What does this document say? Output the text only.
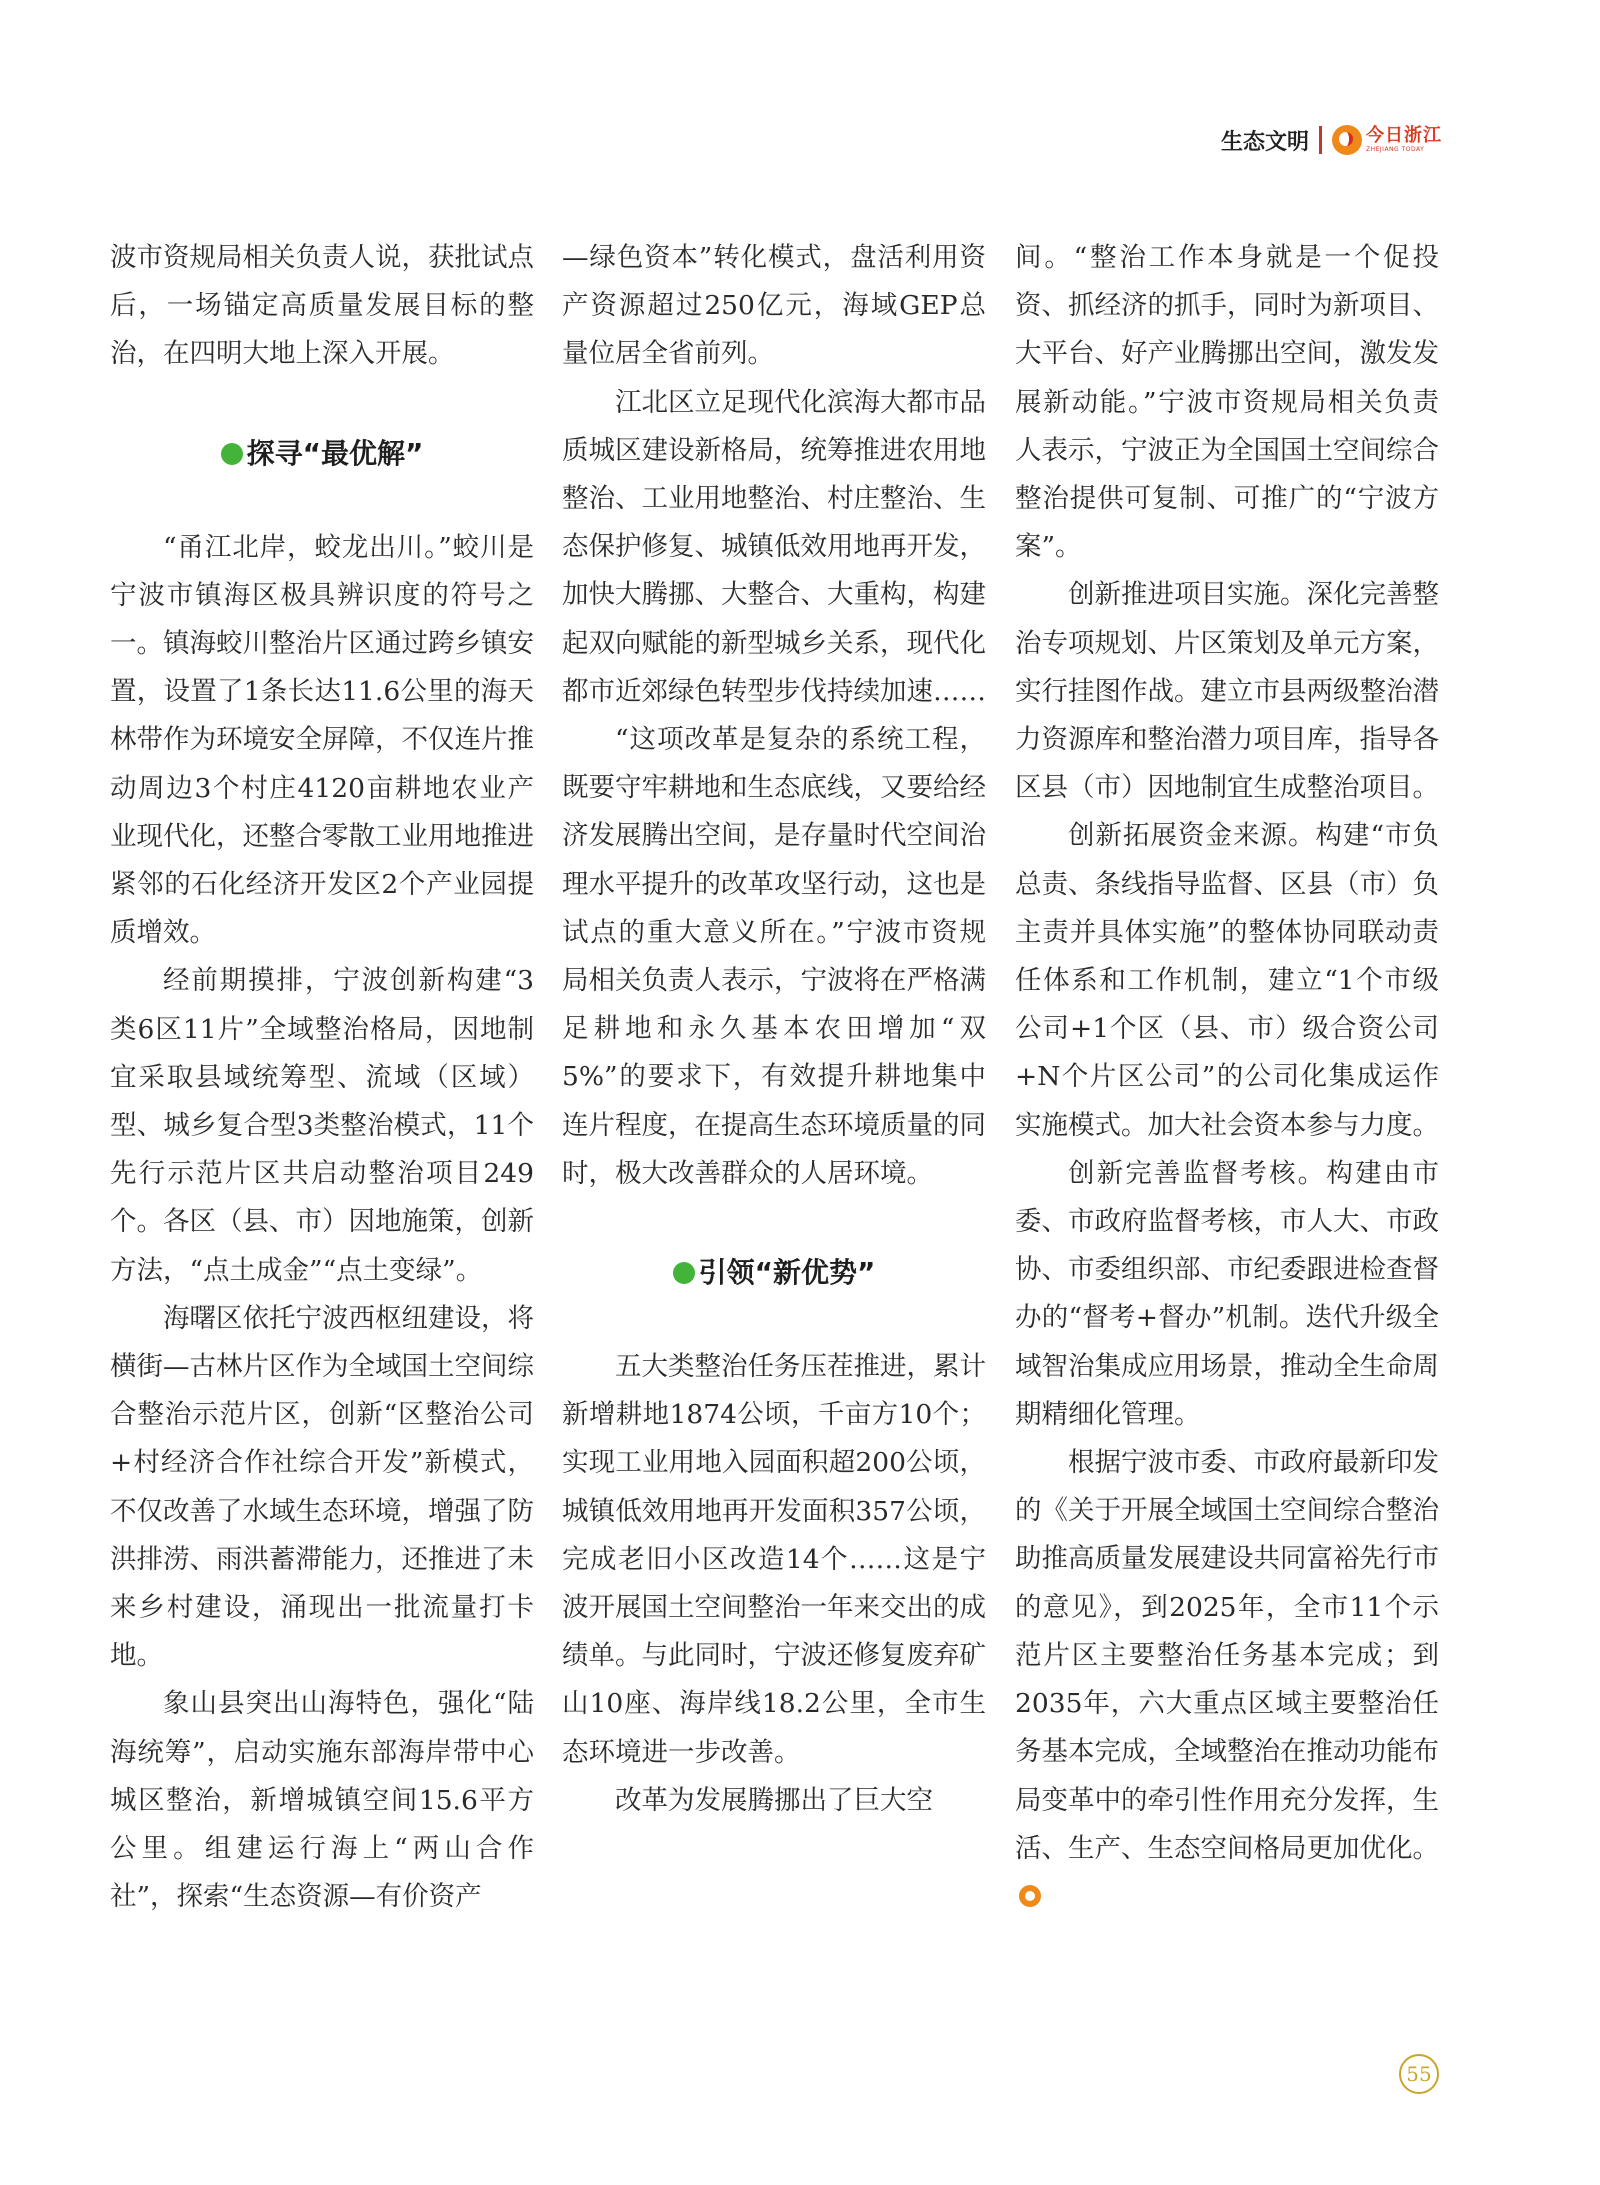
生态文明	今日浙江
ZHEJIANG TODAY

波市资规局相关负责人说，获批试点后，一场锚定高质量发展目标的整治，在四明大地上深入开展。

探寻“最优解”

“甬江北岸，蛟龙出川。”蛟川是宁波市镇海区极具辨识度的符号之一。镇海蛟川整治片区通过跨乡镇安置，设置了1条长达11.6公里的海天林带作为环境安全屏障，不仅连片推动周边3个村庄4120亩耕地农业产业现代化，还整合零散工业用地推进紧邻的石化经济开发区2个产业园提质增效。

经前期摸排，宁波创新构建“3类6区11片”全域整治格局，因地制宜采取县域统筹型、流域（区域）型、城乡复合型3类整治模式，11个先行示范片区共启动整治项目249个。各区（县、市）因地施策，创新方法，“点土成金”“点土变绿”。

海曙区依托宁波西枢纽建设，将横街—古林片区作为全域国土空间综合整治示范片区，创新“区整治公司+村经济合作社综合开发”新模式，不仅改善了水域生态环境，增强了防洪排涝、雨洪蓄滞能力，还推进了未来乡村建设，涌现出一批流量打卡地。

象山县突出山海特色，强化“陆海统筹”，启动实施东部海岸带中心城区整治，新增城镇空间15.6平方公里。组建运行海上“两山合作社”，探索“生态资源—有价资产

—绿色资本”转化模式，盘活利用资产资源超过250亿元，海域GEP总量位居全省前列。

江北区立足现代化滨海大都市品质城区建设新格局，统筹推进农用地整治、工业用地整治、村庄整治、生态保护修复、城镇低效用地再开发，加快大腾挪、大整合、大重构，构建起双向赋能的新型城乡关系，现代化都市近郊绿色转型步伐持续加速……

“这项改革是复杂的系统工程，既要守牢耕地和生态底线，又要给经济发展腾出空间，是存量时代空间治理水平提升的改革攻坚行动，这也是试点的重大意义所在。”宁波市资规局相关负责人表示，宁波将在严格满足耕地和永久基本农田增加“双5%”的要求下，有效提升耕地集中连片程度，在提高生态环境质量的同时，极大改善群众的人居环境。

引领“新优势”

五大类整治任务压茬推进，累计新增耕地1874公顷，千亩方10个；实现工业用地入园面积超200公顷，城镇低效用地再开发面积357公顷，完成老旧小区改造14个……这是宁波开展国土空间整治一年来交出的成绩单。与此同时，宁波还修复废弃矿山10座、海岸线18.2公里，全市生态环境进一步改善。

改革为发展腾挪出了巨大空

间。“整治工作本身就是一个促投资、抓经济的抓手，同时为新项目、大平台、好产业腾挪出空间，激发发展新动能。”宁波市资规局相关负责人表示，宁波正为全国国土空间综合整治提供可复制、可推广的“宁波方案”。

创新推进项目实施。深化完善整治专项规划、片区策划及单元方案，实行挂图作战。建立市县两级整治潜力资源库和整治潜力项目库，指导各区县（市）因地制宜生成整治项目。

创新拓展资金来源。构建“市负总责、条线指导监督、区县（市）负主责并具体实施”的整体协同联动责任体系和工作机制，建立“1个市级公司+1个区（县、市）级合资公司+N个片区公司”的公司化集成运作实施模式。加大社会资本参与力度。

创新完善监督考核。构建由市委、市政府监督考核，市人大、市政协、市委组织部、市纪委跟进检查督办的“督考+督办”机制。迭代升级全域智治集成应用场景，推动全生命周期精细化管理。

根据宁波市委、市政府最新印发的《关于开展全域国土空间综合整治助推高质量发展建设共同富裕先行市的意见》，到2025年，全市11个示范片区主要整治任务基本完成；到2035年，六大重点区域主要整治任务基本完成，全域整治在推动功能布局变革中的牵引性作用充分发挥，生活、生产、生态空间格局更加优化。

55
